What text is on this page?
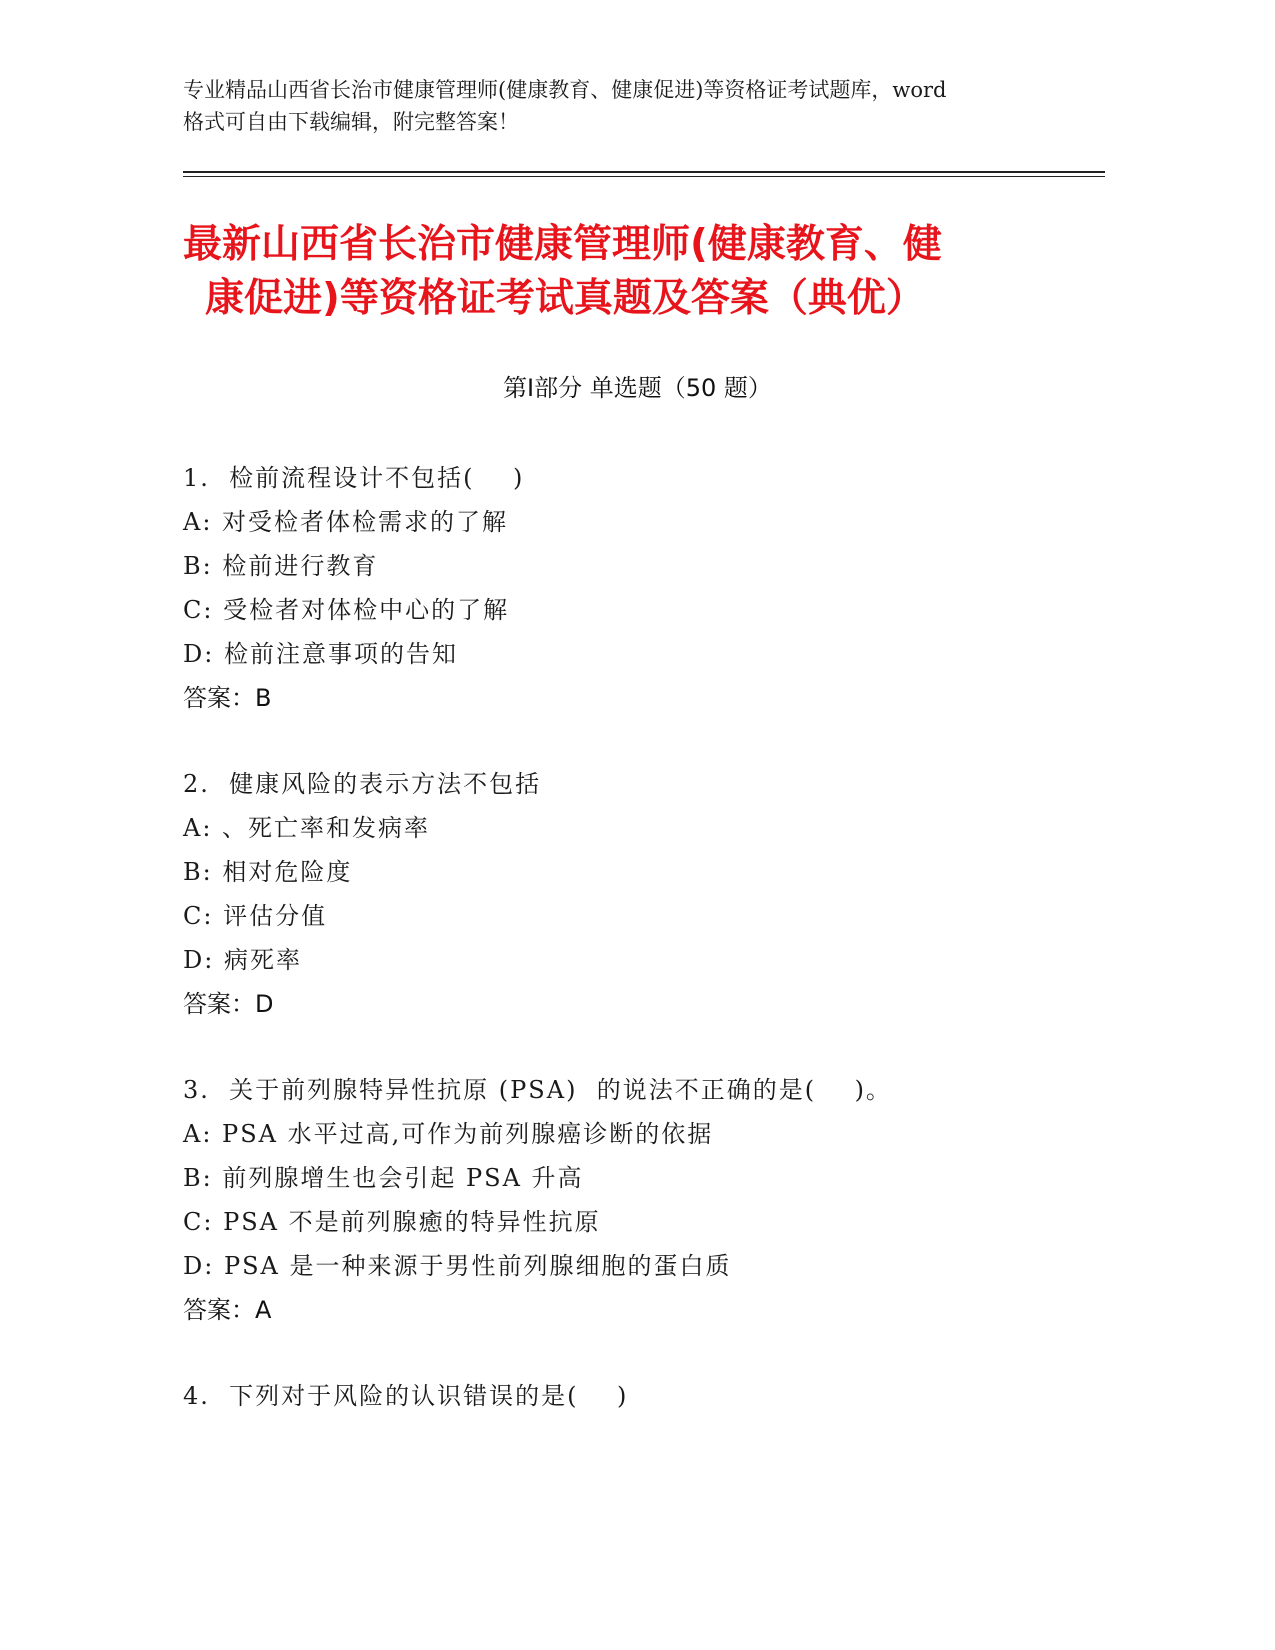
专业精品山西省长治市健康管理师(健康教育、健康促进)等资格证考试题库，word
格式可自由下载编辑，附完整答案！
最新山西省长治市健康管理师(健康教育、健
康促进)等资格证考试真题及答案（典优）
第Ⅰ部分 单选题（50 题）
1.  检前流程设计不包括(    )
A: 对受检者体检需求的了解
B: 检前进行教育
C: 受检者对体检中心的了解
D: 检前注意事项的告知
答案：B
2.  健康风险的表示方法不包括
A: 、死亡率和发病率
B: 相对危险度
C: 评估分值
D: 病死率
答案：D
3.  关于前列腺特异性抗原 (PSA)  的说法不正确的是(    )。
A: PSA 水平过高,可作为前列腺癌诊断的依据
B: 前列腺增生也会引起 PSA 升高
C: PSA 不是前列腺癒的特异性抗原
D: PSA 是一种来源于男性前列腺细胞的蛋白质
答案：A
4.  下列对于风险的认识错误的是(    )
